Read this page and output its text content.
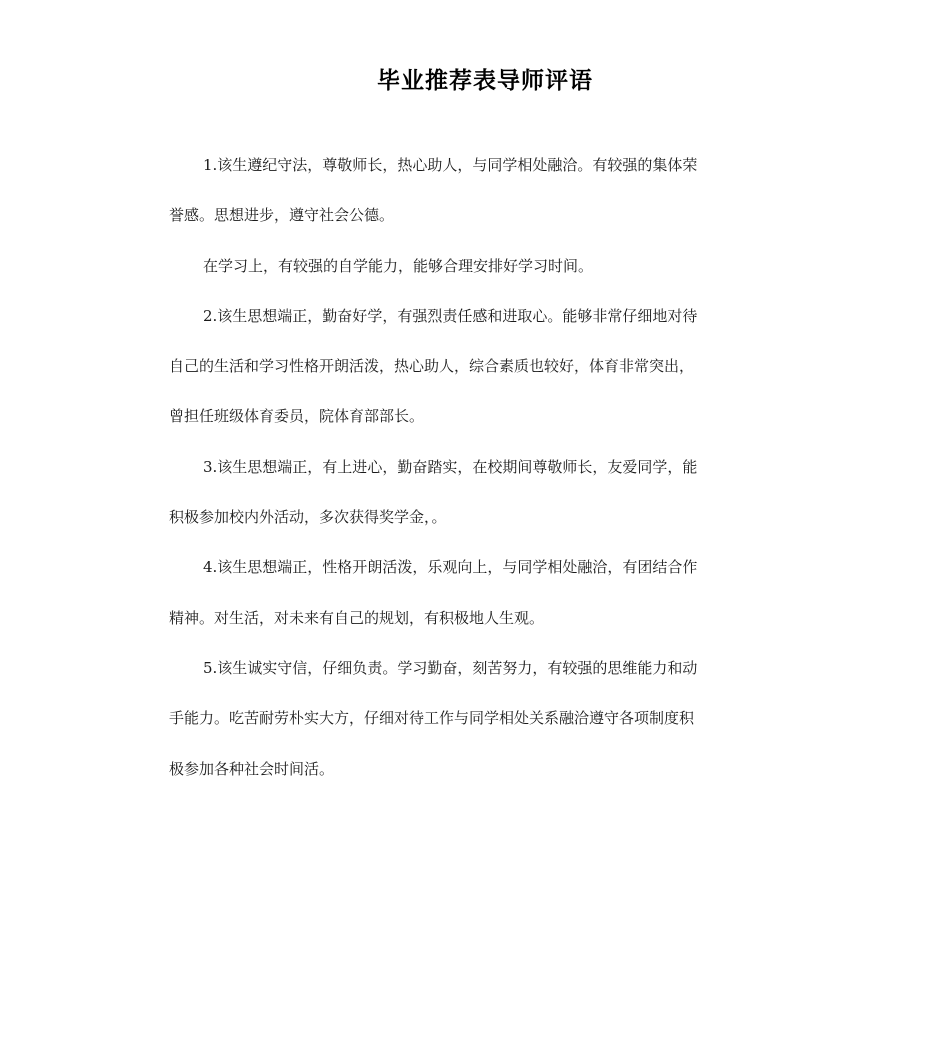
毕业推荐表导师评语

1.该生遵纪守法，尊敬师长，热心助人，与同学相处融洽。有较强的集体荣
誉感。思想进步，遵守社会公德。

在学习上，有较强的自学能力，能够合理安排好学习时间。

2.该生思想端正，勤奋好学，有强烈责任感和进取心。能够非常仔细地对待
自己的生活和学习性格开朗活泼，热心助人，综合素质也较好，体育非常突出，
曾担任班级体育委员，院体育部部长。

3.该生思想端正，有上进心，勤奋踏实，在校期间尊敬师长，友爱同学，能
积极参加校内外活动，多次获得奖学金，。

4.该生思想端正，性格开朗活泼，乐观向上，与同学相处融洽，有团结合作
精神。对生活，对未来有自己的规划，有积极地人生观。

5.该生诚实守信，仔细负责。学习勤奋，刻苦努力，有较强的思维能力和动
手能力。吃苦耐劳朴实大方，仔细对待工作与同学相处关系融洽遵守各项制度积
极参加各种社会时间活。
